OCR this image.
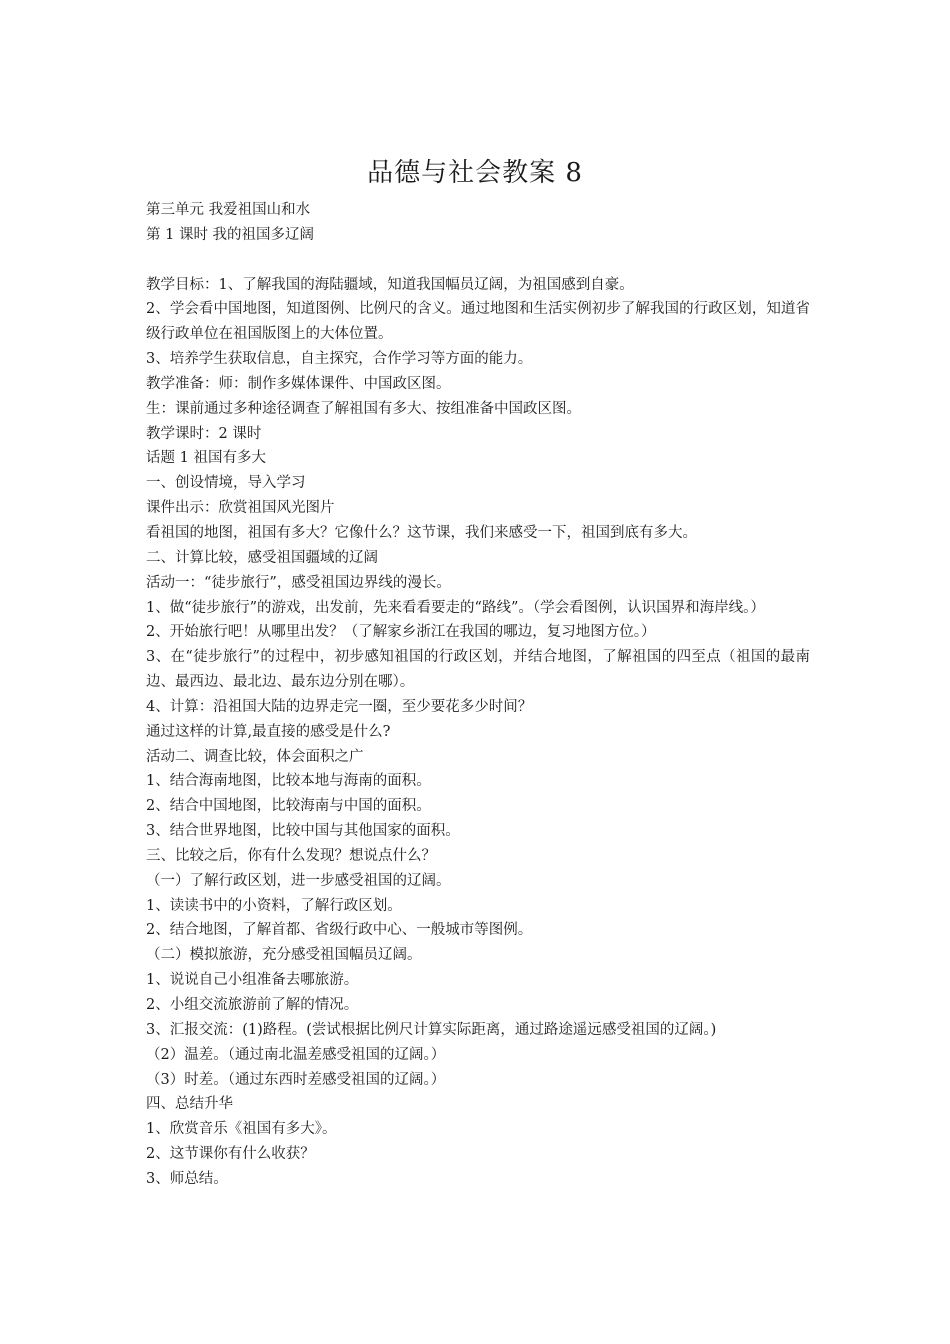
品德与社会教案 8
第三单元 我爱祖国山和水
第 1 课时 我的祖国多辽阔
教学目标：1、了解我国的海陆疆域，知道我国幅员辽阔，为祖国感到自豪。
2、学会看中国地图，知道图例、比例尺的含义。通过地图和生活实例初步了解我国的行政区划，知道省级行政单位在祖国版图上的大体位置。
3、培养学生获取信息，自主探究，合作学习等方面的能力。
教学准备：师：制作多媒体课件、中国政区图。
生：课前通过多种途径调查了解祖国有多大、按组准备中国政区图。
教学课时：2 课时
话题 1 祖国有多大
一、创设情境，导入学习
课件出示：欣赏祖国风光图片
看祖国的地图，祖国有多大？它像什么？这节课，我们来感受一下，祖国到底有多大。
二、计算比较，感受祖国疆域的辽阔
活动一：“徒步旅行”，感受祖国边界线的漫长。
1、做“徒步旅行”的游戏，出发前，先来看看要走的“路线”。（学会看图例，认识国界和海岸线。）
2、开始旅行吧！从哪里出发？（了解家乡浙江在我国的哪边，复习地图方位。）
3、在“徒步旅行”的过程中，初步感知祖国的行政区划，并结合地图，了解祖国的四至点（祖国的最南边、最西边、最北边、最东边分别在哪）。
4、计算：沿祖国大陆的边界走完一圈，至少要花多少时间？
通过这样的计算,最直接的感受是什么?
活动二、调查比较，体会面积之广
1、结合海南地图，比较本地与海南的面积。
2、结合中国地图，比较海南与中国的面积。
3、结合世界地图，比较中国与其他国家的面积。
三、比较之后，你有什么发现？想说点什么？
（一）了解行政区划，进一步感受祖国的辽阔。
1、读读书中的小资料，了解行政区划。
2、结合地图，了解首都、省级行政中心、一般城市等图例。
（二）模拟旅游，充分感受祖国幅员辽阔。
1、说说自己小组准备去哪旅游。
2、小组交流旅游前了解的情况。
3、汇报交流：(1)路程。(尝试根据比例尺计算实际距离，通过路途遥远感受祖国的辽阔。)
（2）温差。（通过南北温差感受祖国的辽阔。）
（3）时差。（通过东西时差感受祖国的辽阔。）
四、总结升华
1、欣赏音乐《祖国有多大》。
2、这节课你有什么收获？
3、师总结。
